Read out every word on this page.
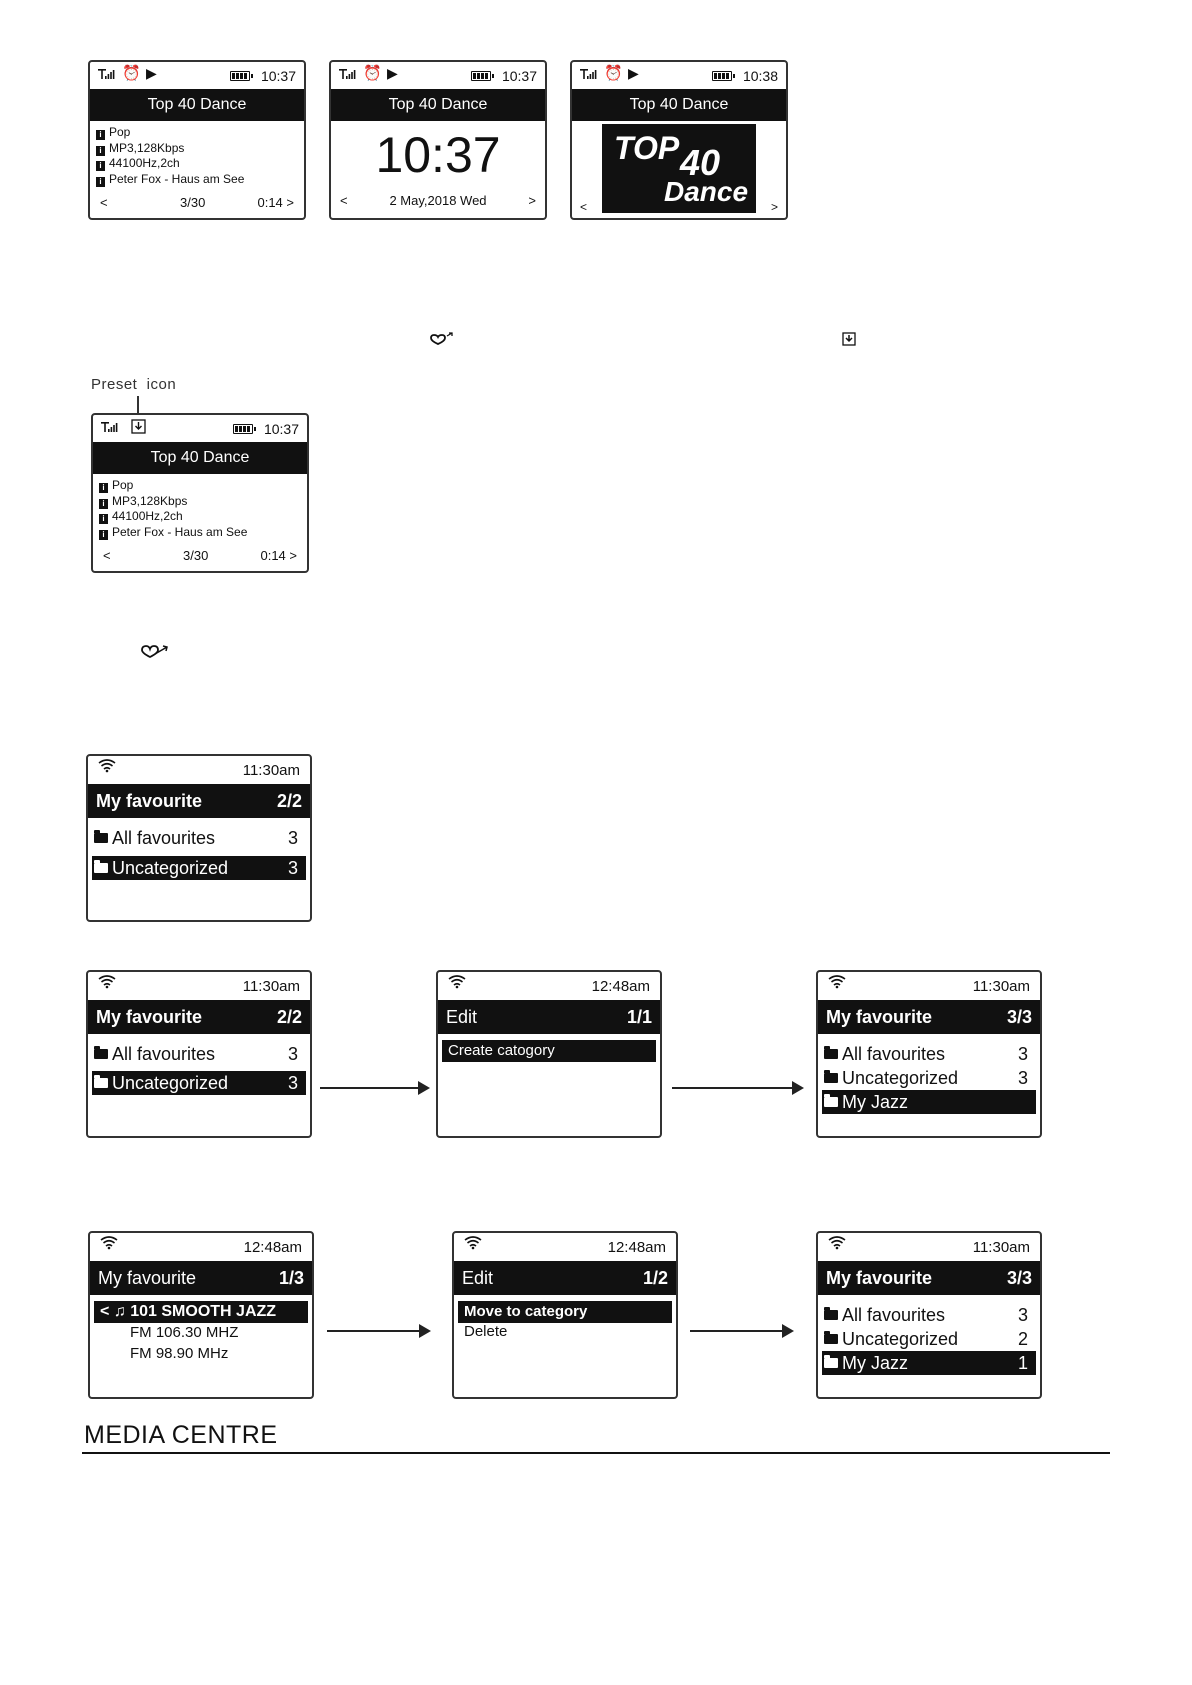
⏰ ▶	10:37
Top 40 Dance
i Pop
i MP3,128Kbps
i 44100Hz,2ch
i Peter Fox - Haus am See
<	3/30	0:14 >
⏰ ▶	10:37
Top 40 Dance
10:37
2 May,2018 Wed
<	>
⏰ ▶	10:38
Top 40 Dance
TOP 40
Dance
<	>
Preset  icon
10:37
Top 40 Dance
i Pop
i MP3,128Kbps
i 44100Hz,2ch
i Peter Fox - Haus am See
<	3/30	0:14 >
11:30am
My favourite	2/2
All favourites	3
Uncategorized	3
11:30am
My favourite	2/2
All favourites	3
Uncategorized	3
12:48am
Edit	1/1
Create catogory
11:30am
My favourite	3/3
All favourites	3
Uncategorized	3
My Jazz
12:48am
My favourite	1/3
< ♫ 101 SMOOTH JAZZ
FM 106.30 MHZ
FM 98.90 MHz
12:48am
Edit	1/2
Move to category
Delete
11:30am
My favourite	3/3
All favourites	3
Uncategorized	2
My Jazz	1
MEDIA CENTRE
